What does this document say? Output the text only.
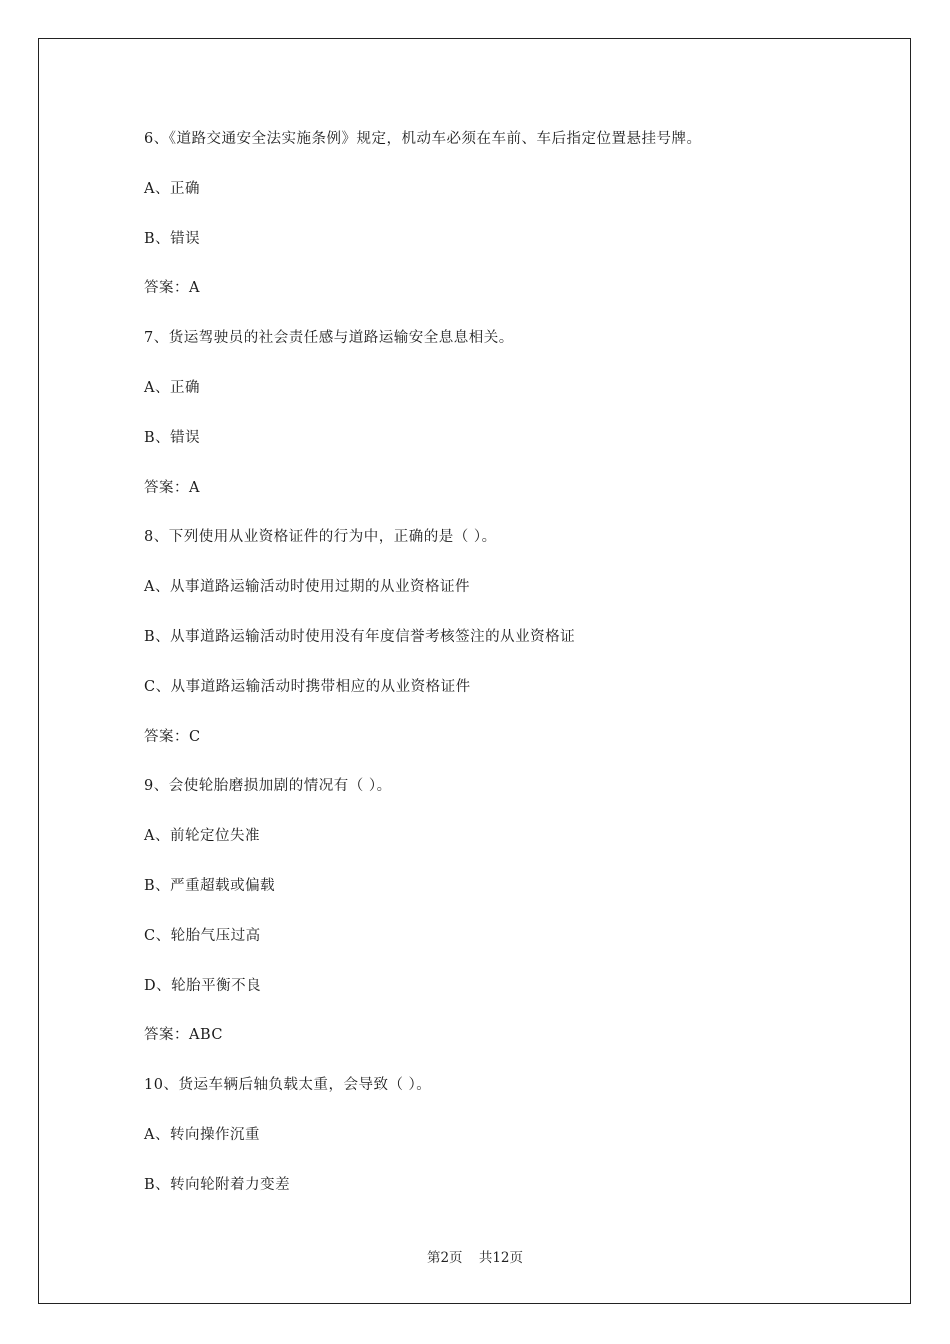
6、《道路交通安全法实施条例》规定，机动车必须在车前、车后指定位置悬挂号牌。
A、正确
B、错误
答案：A
7、货运驾驶员的社会责任感与道路运输安全息息相关。
A、正确
B、错误
答案：A
8、下列使用从业资格证件的行为中，正确的是（ ）。
A、从事道路运输活动时使用过期的从业资格证件
B、从事道路运输活动时使用没有年度信誉考核签注的从业资格证
C、从事道路运输活动时携带相应的从业资格证件
答案：C
9、会使轮胎磨损加剧的情况有（ ）。
A、前轮定位失准
B、严重超载或偏载
C、轮胎气压过高
D、轮胎平衡不良
答案：ABC
10、货运车辆后轴负载太重，会导致（ ）。
A、转向操作沉重
B、转向轮附着力变差
第2页 共12页
